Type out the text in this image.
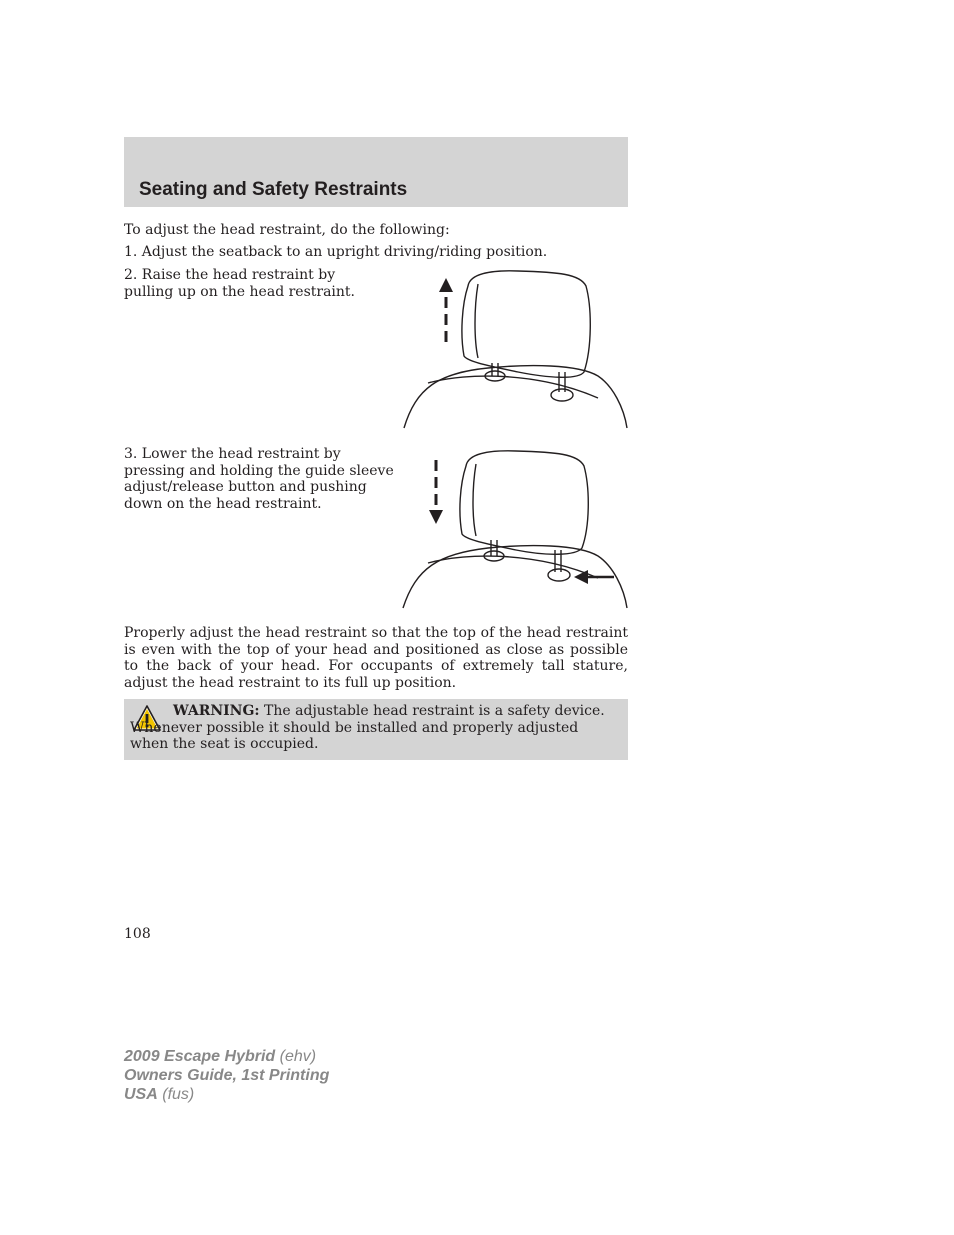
Seating and Safety Restraints

To adjust the head restraint, do the following:

1. Adjust the seatback to an upright driving/riding position.

2. Raise the head restraint by pulling up on the head restraint.

3. Lower the head restraint by pressing and holding the guide sleeve adjust/release button and pushing down on the head restraint.

Properly adjust the head restraint so that the top of the head restraint is even with the top of your head and positioned as close as possible to the back of your head. For occupants of extremely tall stature, adjust the head restraint to its full up position.

WARNING: The adjustable head restraint is a safety device. Whenever possible it should be installed and properly adjusted when the seat is occupied.

108
2009 Escape Hybrid (ehv)
Owners Guide, 1st Printing
USA (fus)
